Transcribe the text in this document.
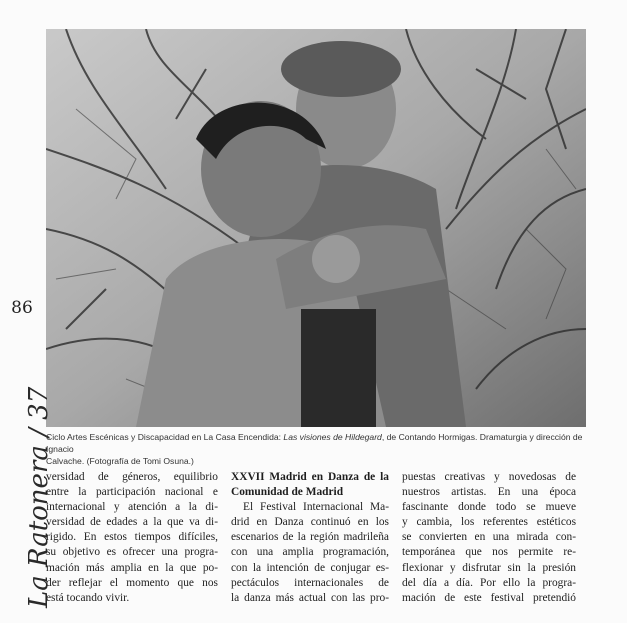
86
La Ratonera / 37
Ciclo Artes Escénicas y Discapacidad en La Casa Encendida: Las visiones de Hildegard, de Contando Hormigas. Dramaturgia y dirección de Ignacio
Calvache. (Fotografía de Tomi Osuna.)
versidad de géneros, equilibrio
entre la participación nacional e
internacional y atención a la di-
versidad de edades a la que va di-
rigido. En estos tiempos difíciles,
su objetivo es ofrecer una progra-
mación más amplia en la que po-
der reflejar el momento que nos
está tocando vivir.
XXVII Madrid en Danza de la
Comunidad de Madrid
El Festival Internacional Ma-
drid en Danza continuó en los
escenarios de la región madrileña
con una amplia programación,
con la intención de conjugar es-
pectáculos internacionales de
la danza más actual con las pro-
puestas creativas y novedosas de
nuestros artistas. En una época
fascinante donde todo se mueve
y cambia, los referentes estéticos
se convierten en una mirada con-
temporánea que nos permite re-
flexionar y disfrutar sin la presión
del día a día. Por ello la progra-
mación de este festival pretendió
